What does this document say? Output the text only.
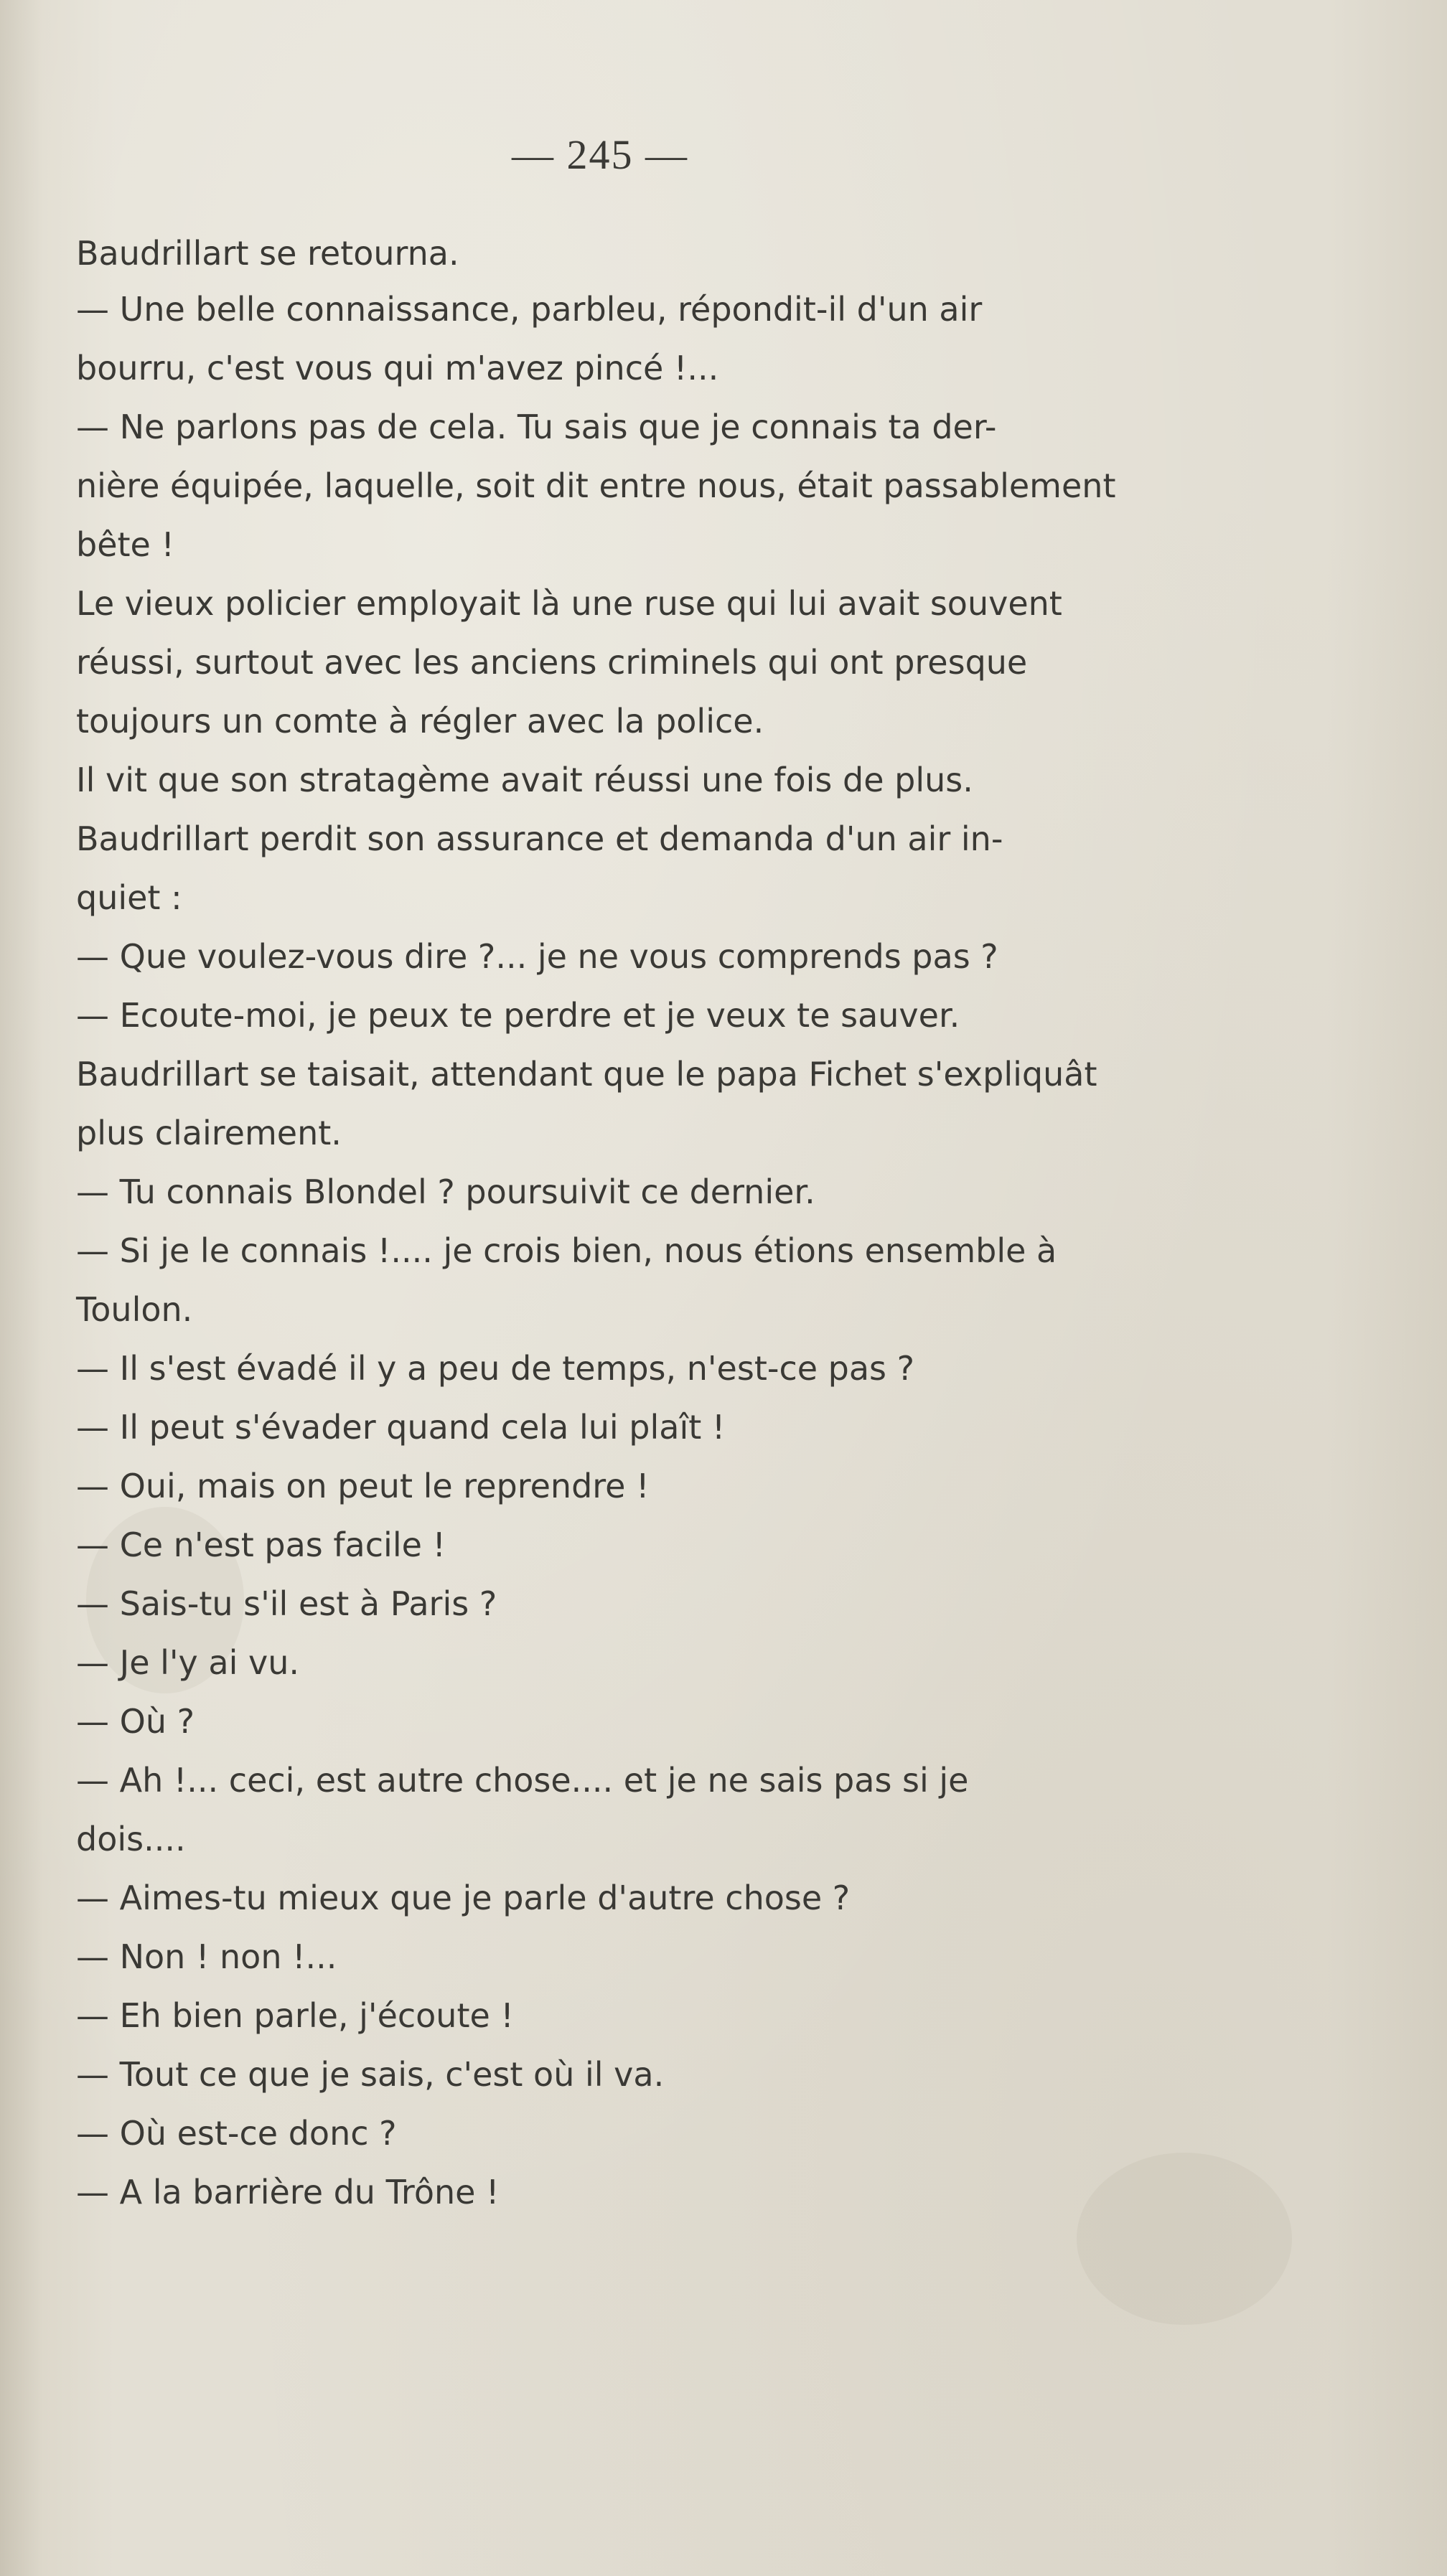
— 245 —
Baudrillart se retourna.
— Une belle connaissance, parbleu, répondit-il d'un air
bourru, c'est vous qui m'avez pincé !...
— Ne parlons pas de cela. Tu sais que je connais ta der-
nière équipée, laquelle, soit dit entre nous, était passablement
bête !
Le vieux policier employait là une ruse qui lui avait souvent
réussi, surtout avec les anciens criminels qui ont presque
toujours un comte à régler avec la police.
Il vit que son stratagème avait réussi une fois de plus.
Baudrillart perdit son assurance et demanda d'un air in-
quiet :
— Que voulez-vous dire ?... je ne vous comprends pas ?
— Ecoute-moi, je peux te perdre et je veux te sauver.
Baudrillart se taisait, attendant que le papa Fichet s'expliquât
plus clairement.
— Tu connais Blondel ? poursuivit ce dernier.
— Si je le connais !.... je crois bien, nous étions ensemble à
Toulon.
— Il s'est évadé il y a peu de temps, n'est-ce pas ?
— Il peut s'évader quand cela lui plaît !
— Oui, mais on peut le reprendre !
— Ce n'est pas facile !
— Sais-tu s'il est à Paris ?
— Je l'y ai vu.
— Où ?
— Ah !... ceci, est autre chose.... et je ne sais pas si je
dois....
— Aimes-tu mieux que je parle d'autre chose ?
— Non ! non !...
— Eh bien parle, j'écoute !
— Tout ce que je sais, c'est où il va.
— Où est-ce donc ?
— A la barrière du Trône !
